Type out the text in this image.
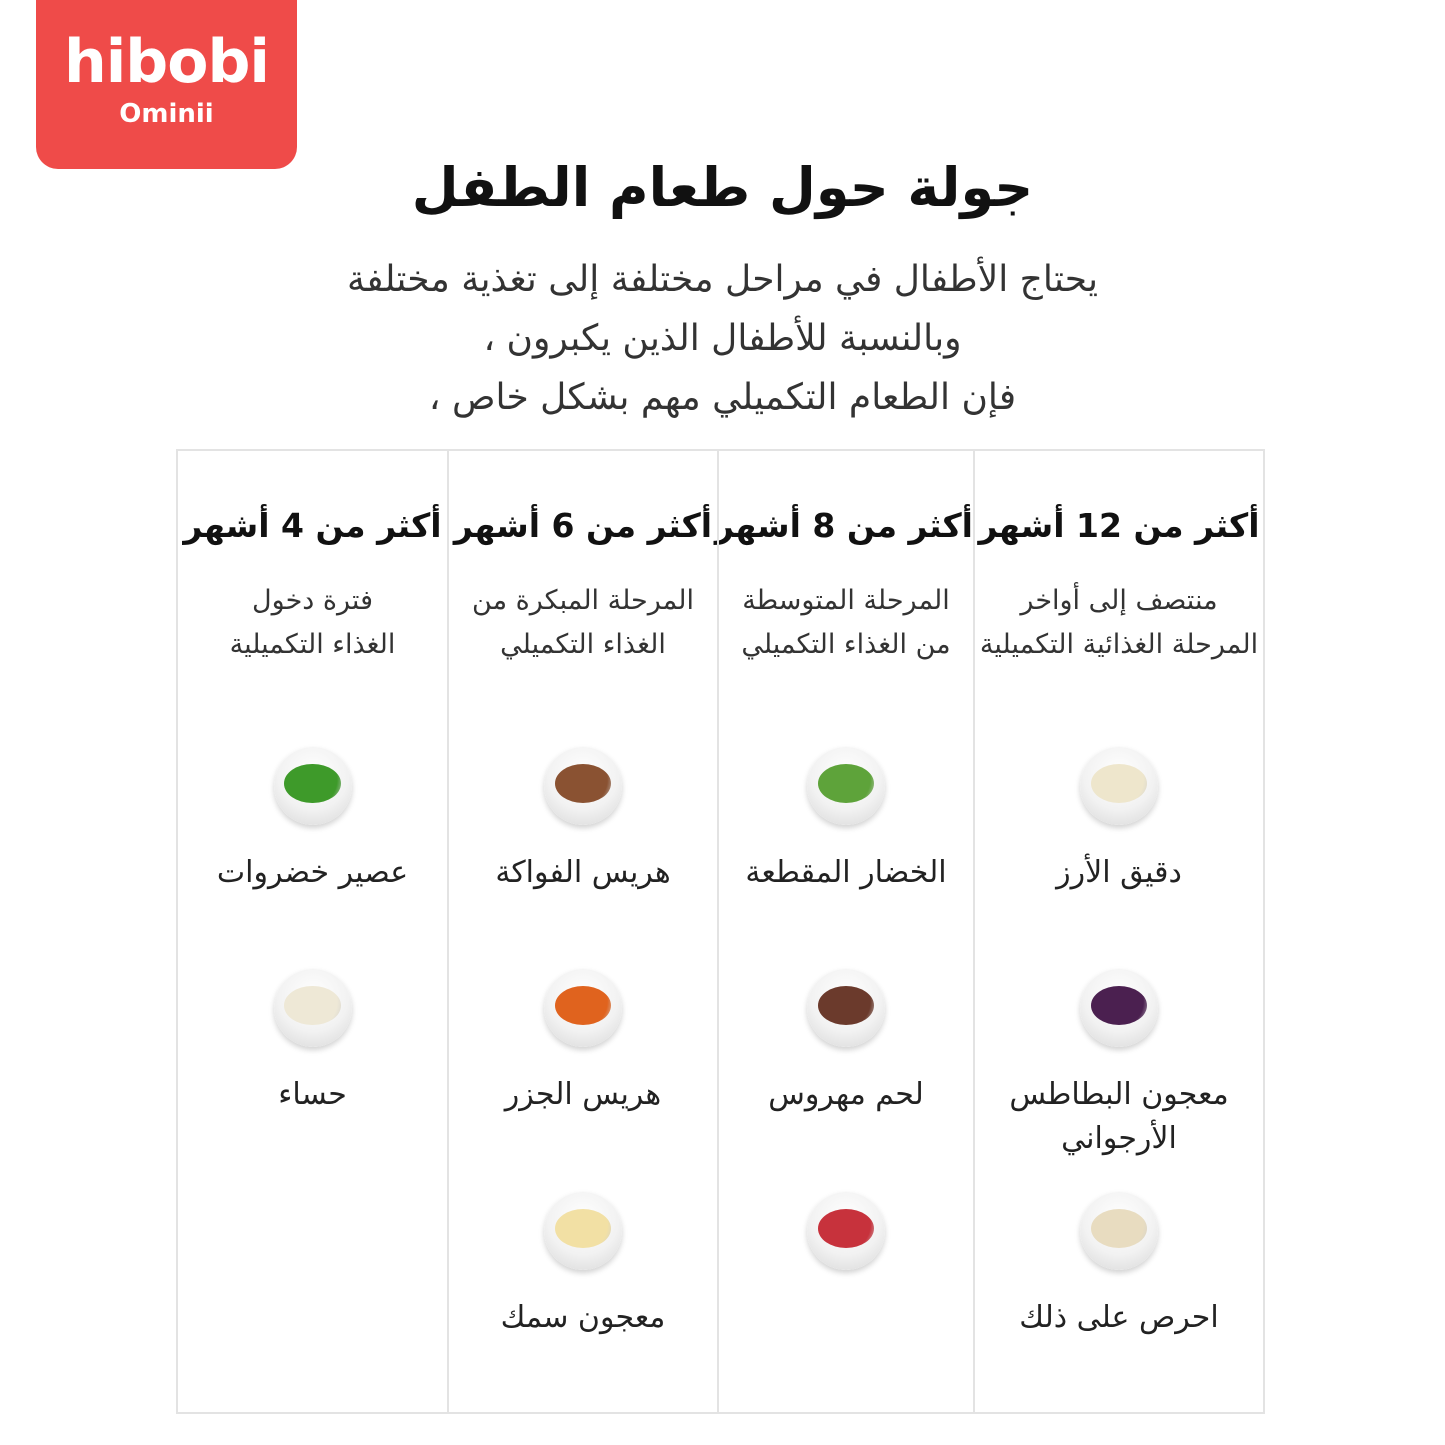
hibobi
Ominii
جولة حول طعام الطفل
يحتاج الأطفال في مراحل مختلفة إلى تغذية مختلفة
وبالنسبة للأطفال الذين يكبرون ،
فإن الطعام التكميلي مهم بشكل خاص ،
أكثر من 12 أشهر
منتصف إلى أواخر
المرحلة الغذائية التكميلية
دقيق الأرز
معجون البطاطس
الأرجواني
احرص على ذلك
أكثر من 8 أشهر
المرحلة المتوسطة
من الغذاء التكميلي
الخضار المقطعة
لحم مهروس
أكثر من 6 أشهر
المرحلة المبكرة من
الغذاء التكميلي
هريس الفواكة
هريس الجزر
معجون سمك
أكثر من 4 أشهر
فترة دخول
الغذاء التكميلية
عصير خضروات
حساء
